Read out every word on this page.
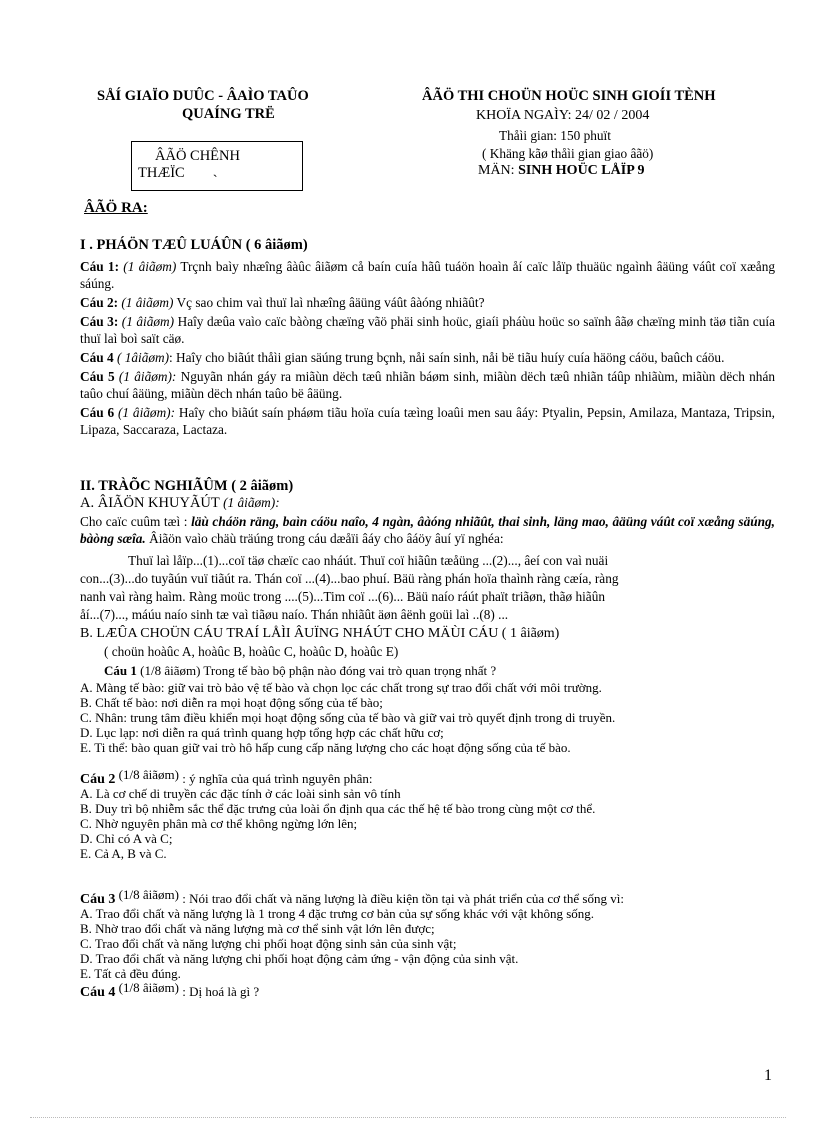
SÅÍ GIAÏO DUÛC - ÂAÌO TAÛO
QUAÍNG TRË
ÂÃÖ THI CHOÜN HOÜC SINH GIOÍI TÈNH
KHOÏA NGAÌY: 24/ 02 / 2004
Thåìi gian: 150 phuït
( Khäng kãø thåìi gian giao âãö)
MÄN: SINH HOÜC LÅÏP 9
ÂÃÖ CHÊNH
THÆÏC `
ÂÃÖ RA:
I . PHÁÖN TÆÛ LUÁÛN ( 6 âiãøm)
Cáu 1: (1 âiãøm) Trçnh baìy nhæîng âàûc âiãøm cå baín cuía hãû tuáön hoaìn åí caïc låïp thuäüc ngaình âäüng váût coï xæång sáúng.
Cáu 2: (1 âiãøm) Vç sao chim vaì thuï laì nhæîng âäüng váût âàóng nhiãût?
Cáu 3: (1 âiãøm) Haîy dæûa vaìo caïc bàòng chæïng vãö phäi sinh hoüc, giaíi pháùu hoüc so saïnh âãø chæïng minh täø tiãn cuía thuï laì boì saït cäø.
Cáu 4 ( 1âiãøm): Haîy cho biãút thåìi gian säúng trung bçnh, nåi saín sinh, nåi bë tiãu huíy cuía häöng cáöu, baûch cáöu.
Cáu 5 (1 âiãøm): Nguyãn nhán gáy ra miãùn dëch tæû nhiãn báøm sinh, miãùn dëch tæû nhiãn táûp nhiãùm, miãùn dëch nhán taûo chuí âäüng, miãùn dëch nhán taûo bë âäüng.
Cáu 6 (1 âiãøm): Haîy cho biãút saín pháøm tiãu hoïa cuía tæìng loaûi men sau âáy: Ptyalin, Pepsin, Amilaza, Mantaza, Tripsin, Lipaza, Saccaraza, Lactaza.
II. TRÀÕC NGHIÃÛM ( 2 âiãøm)
A. ÂIÃÖN KHUYÃÚT (1 âiãøm):
Cho caïc cuûm tæì : läù cháön räng, baìn cáöu naîo, 4 ngàn, âàóng nhiãût, thai sinh, läng mao, âäüng váût coï xæång säúng, bàòng sæîa. Âiãön vaìo chäù träúng trong cáu dæåïi âáy cho âáöy âuí yï nghéa:
Thuï laì låïp...(1)...coï täø chæïc cao nháút. Thuï coï hiãûn tæåüng ...(2)..., âeí con vaì nuäi
con...(3)...do tuyãún vuï tiãút ra. Thán coï ...(4)...bao phuí. Bäü ràng phán hoïa thaình ràng cæía, ràng
nanh vaì ràng haìm. Ràng moüc trong ....(5)...Tim coï ...(6)... Bäü naío ráút phaït triãøn, thãø hiãûn
åí...(7)..., máúu naío sinh tæ vaì tiãøu naío. Thán nhiãût äøn âënh goüi laì ..(8) ...
B. LÆÛA CHOÜN CÁU TRAÍ LÅÌI ÂUÏNG NHÁÚT CHO MÄÙI CÁU ( 1 âiãøm)
( choün hoàûc A, hoàûc B, hoàûc C, hoàûc D, hoàûc E)
Cáu 1 (1/8 âiãøm) Trong tế bào bộ phận nào đóng vai trò quan trọng nhất ?
A. Màng tế bào: giữ vai trò bảo vệ tế bào và chọn lọc các chất trong sự trao đổi chất với môi trường.
B. Chất tế bào: nơi diễn ra mọi hoạt động sống của tế bào;
C. Nhân: trung tâm điều khiển mọi hoạt động sống của tế bào và giữ vai trò quyết định trong di truyền.
D. Lục lạp: nơi diễn ra quá trình quang hợp tổng hợp các chất hữu cơ;
E. Ti thể: bào quan giữ vai trò hô hấp cung cấp năng lượng cho các hoạt động sống của tế bào.
Cáu 2 (1/8 âiãøm) : ý nghĩa của quá trình nguyên phân:
A. Là cơ chế di truyền các đặc tính ở các loài sinh sản vô tính
B. Duy trì bộ nhiễm sắc thể đặc trưng của loài ổn định qua các thế hệ tế bào trong cùng một cơ thể.
C. Nhờ nguyên phân mà cơ thể không ngừng lớn lên;
D. Chỉ có A và C;
E. Cả A, B và C.
Cáu 3 (1/8 âiãøm) : Nói trao đổi chất và năng lượng là điều kiện tồn tại và phát triển của cơ thể sống vì:
A. Trao đổi chất và năng lượng là 1 trong 4 đặc trưng cơ bản của sự sống khác với vật không sống.
B. Nhờ trao đổi chất và năng lượng mà cơ thể sinh vật lớn lên được;
C. Trao đổi chất và năng lượng chi phối hoạt động sinh sản của sinh vật;
D. Trao đổi chất và năng lượng chi phối hoạt động cảm ứng - vận động của sinh vật.
E. Tất cả đều đúng.
Cáu 4 (1/8 âiãøm) : Dị hoá là gì ?
1
